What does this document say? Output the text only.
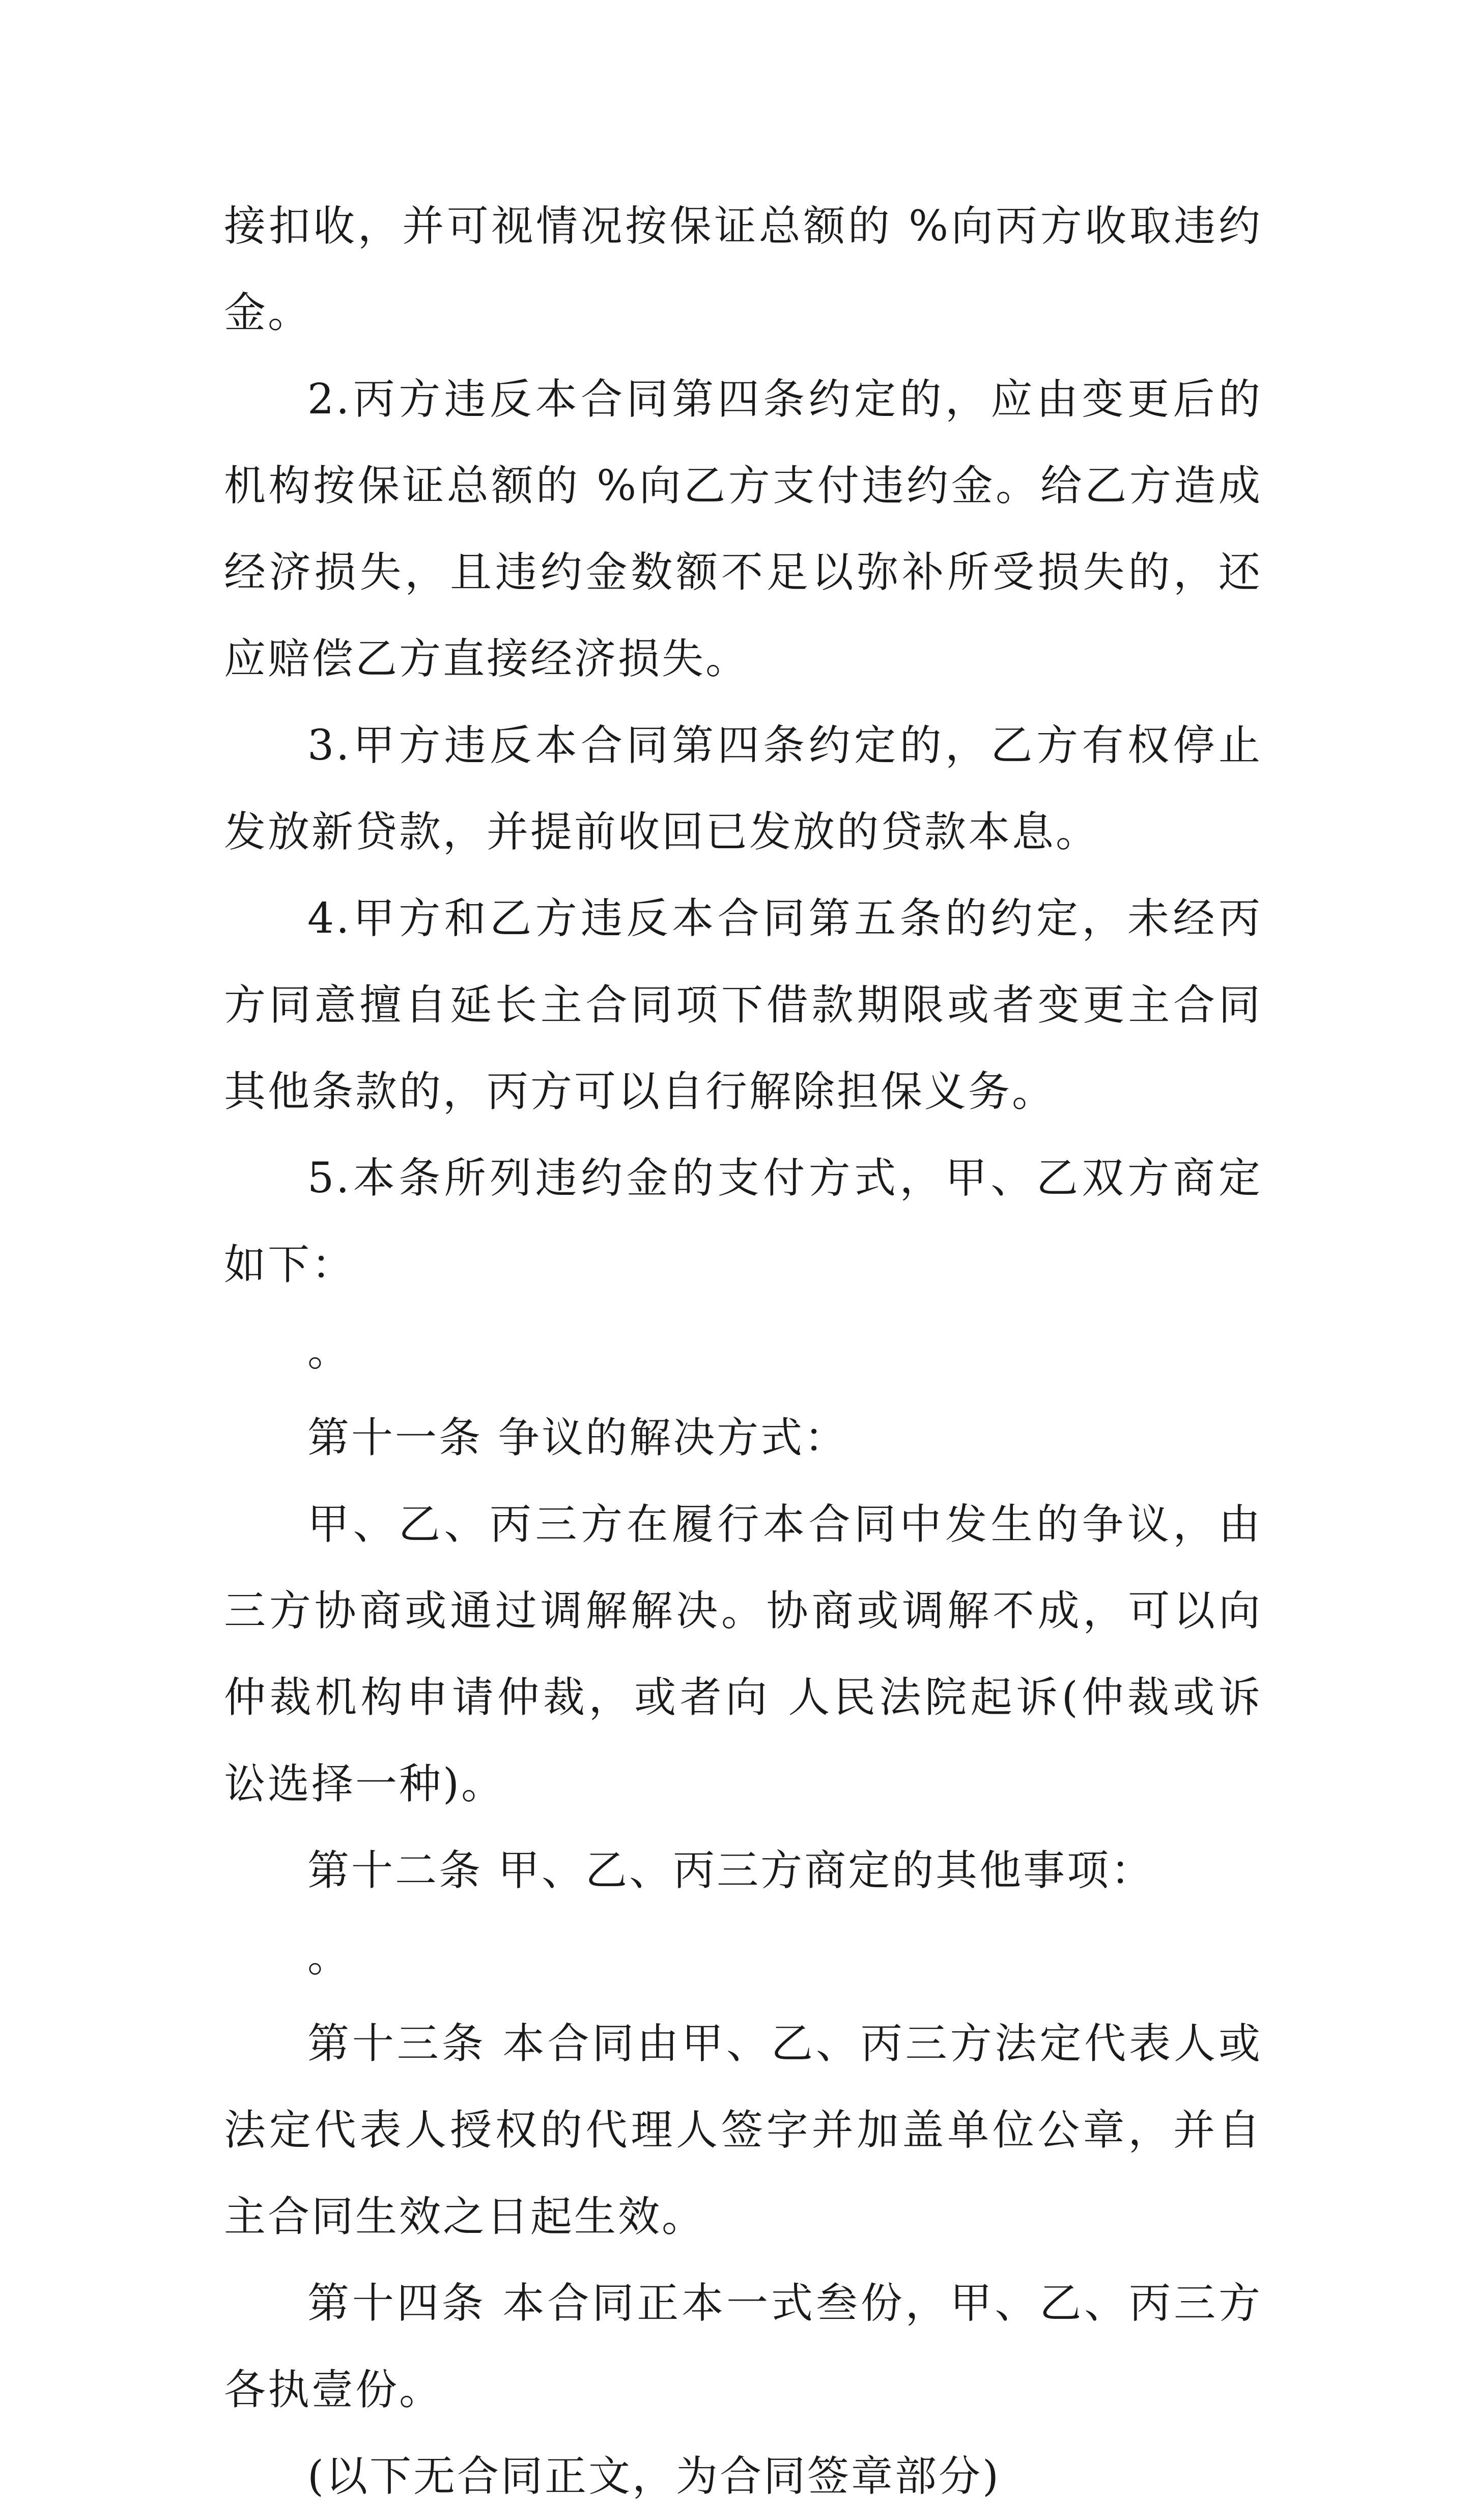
接扣收，并可视情况按保证总额的 %向丙方收取违约金。

2.丙方违反本合同第四条约定的，应由变更后的机构按保证总额的 %向乙方支付违约金。给乙方造成经济损失，且违约金数额不足以弥补所受损失的，还应赔偿乙方直接经济损失。

3.甲方违反本合同第四条约定的，乙方有权停止发放新贷款，并提前收回已发放的贷款本息。

4.甲方和乙方违反本合同第五条的约定，未经丙方同意擅自延长主合同项下借款期限或者变更主合同其他条款的，丙方可以自行解除担保义务。

5.本条所列违约金的支付方式，甲、乙双方商定如下：

。

第十一条 争议的解决方式：

甲、乙、丙三方在履行本合同中发生的争议，由三方协商或通过调解解决。协商或调解不成，可以向 仲裁机构申请仲裁，或者向 人民法院起诉(仲裁或诉讼选择一种)。

第十二条 甲、乙、丙三方商定的其他事项：

。

第十三条 本合同由甲、乙、丙三方法定代表人或法定代表人授权的代理人签字并加盖单位公章，并自主合同生效之日起生效。

第十四条 本合同正本一式叁份，甲、乙、丙三方各执壹份。

(以下无合同正文，为合同签章部分)
